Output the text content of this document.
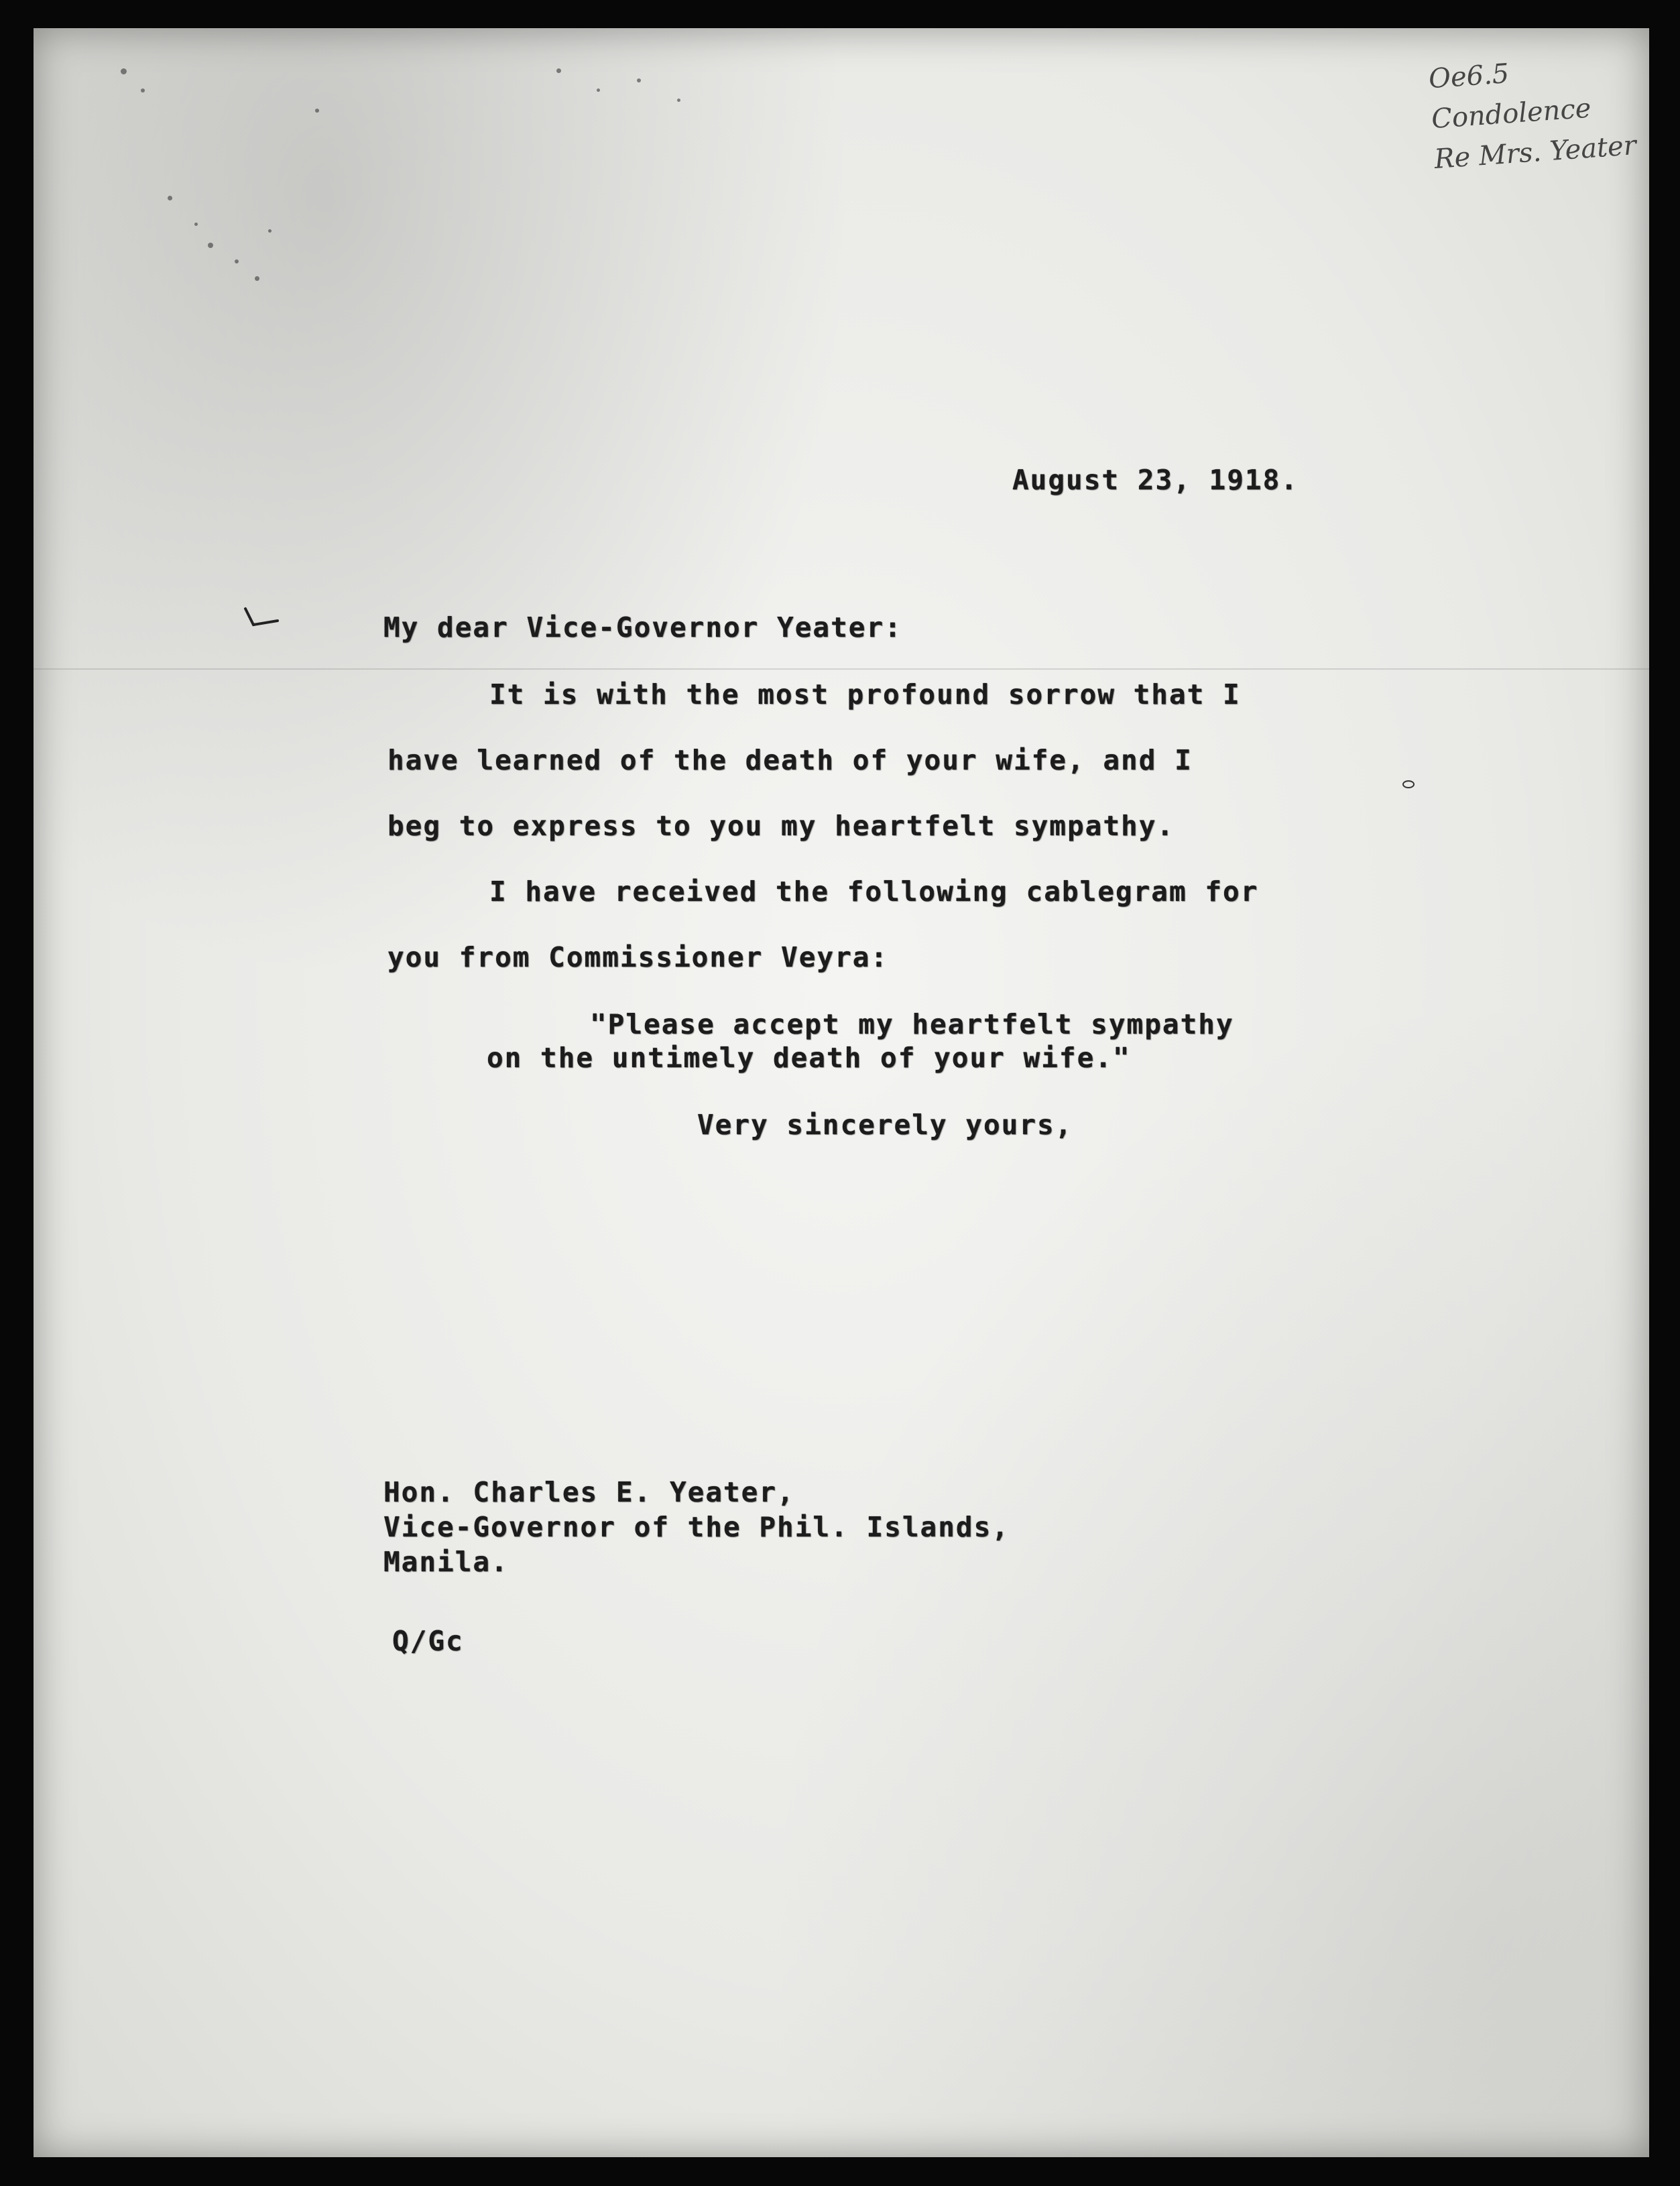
Oe6.5
Condolence
Re Mrs. Yeater
August 23, 1918.
My dear Vice-Governor Yeater:
It is with the most profound sorrow that I
have learned of the death of your wife, and I
beg to express to you my heartfelt sympathy.
I have received the following cablegram for
you from Commissioner Veyra:
"Please accept my heartfelt sympathy
on the untimely death of your wife."
Very sincerely yours,
Hon. Charles E. Yeater,
Vice-Governor of the Phil. Islands,
Manila.
Q/Gc
